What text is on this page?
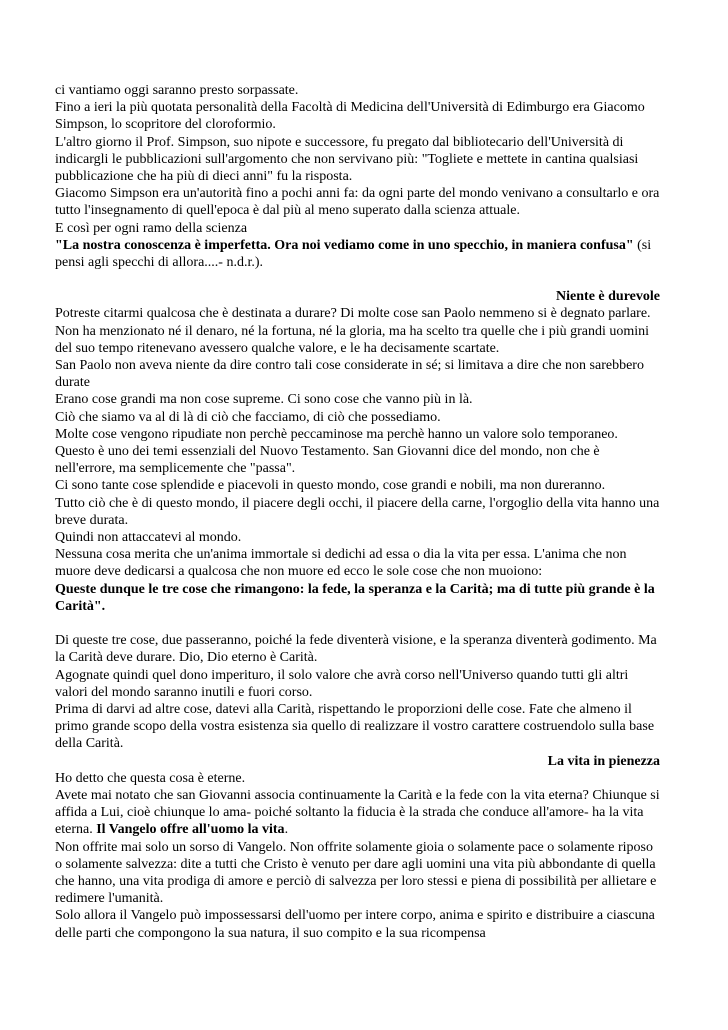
ci vantiamo oggi saranno presto sorpassate.

Fino a ieri la più quotata personalità della Facoltà di Medicina dell'Università di Edimburgo era Giacomo Simpson, lo scopritore del cloroformio.

L'altro giorno il Prof. Simpson, suo nipote e successore, fu pregato dal bibliotecario dell'Università di indicargli le pubblicazioni sull'argomento che non servivano più: "Togliete e mettete in cantina qualsiasi pubblicazione che ha più di dieci anni" fu la risposta.

Giacomo Simpson era un'autorità fino a pochi anni fa: da ogni parte del mondo venivano a consultarlo e ora tutto l'insegnamento di quell'epoca è dal più al meno superato dalla scienza attuale.

E così per ogni ramo della scienza

"La nostra conoscenza è imperfetta. Ora noi vediamo come in uno specchio, in maniera confusa" (si pensi agli specchi di allora....- n.d.r.).

Niente è durevole

Potreste citarmi qualcosa che è destinata a durare? Di molte cose san Paolo nemmeno si è degnato parlare. Non ha menzionato né il denaro, né la fortuna, né la gloria, ma ha scelto tra quelle che i più grandi uomini del suo tempo ritenevano avessero qualche valore, e le ha decisamente scartate.

San Paolo non aveva niente da dire contro tali cose considerate in sé; si limitava a dire che non sarebbero durate

Erano cose grandi ma non cose supreme. Ci sono cose che vanno più in là.

Ciò che siamo va al di là di ciò che facciamo, di ciò che possediamo.

Molte cose vengono ripudiate non perchè peccaminose ma perchè hanno un valore solo temporaneo.

Questo è uno dei temi essenziali del Nuovo Testamento. San Giovanni dice del mondo, non che è nell'errore, ma semplicemente che "passa".

Ci sono tante cose splendide e piacevoli in questo mondo, cose grandi e nobili, ma non dureranno.

Tutto ciò che è di questo mondo, il piacere degli occhi, il piacere della carne, l'orgoglio della vita hanno una breve durata.

Quindi non attaccatevi al mondo.

Nessuna cosa merita che un'anima immortale si dedichi ad essa o dia la vita per essa. L'anima che non muore deve dedicarsi a qualcosa che non muore ed ecco le sole cose che non muoiono:

Queste dunque le tre cose che rimangono: la fede, la speranza e la Carità; ma di tutte più grande è la Carità".

Di queste tre cose, due passeranno, poiché la fede diventerà visione, e la speranza diventerà godimento. Ma la Carità deve durare. Dio, Dio eterno è Carità.

Agognate quindi quel dono imperituro, il solo valore che avrà corso nell'Universo quando tutti gli altri valori del mondo saranno inutili e fuori corso.

Prima di darvi ad altre cose, datevi alla Carità, rispettando le proporzioni delle cose. Fate che almeno il primo grande scopo della vostra esistenza sia quello di realizzare il vostro carattere costruendolo sulla base della Carità.

La vita in pienezza

Ho detto che questa cosa è eterne.

Avete mai notato che san Giovanni associa continuamente la Carità e la fede con la vita eterna? Chiunque si affida a Lui, cioè chiunque lo ama- poiché soltanto la fiducia è la strada che conduce all'amore- ha la vita eterna. Il Vangelo offre all'uomo la vita.

Non offrite mai solo un sorso di Vangelo. Non offrite solamente gioia o solamente pace o solamente riposo o solamente salvezza: dite a tutti che Cristo è venuto per dare agli uomini una vita più abbondante di quella che hanno, una vita prodiga di amore e perciò di salvezza per loro stessi e piena di possibilità per allietare e redimere l'umanità.

Solo allora il Vangelo può impossessarsi dell'uomo per intere corpo, anima e spirito e distribuire a ciascuna delle parti che compongono la sua natura, il suo compito e la sua ricompensa
